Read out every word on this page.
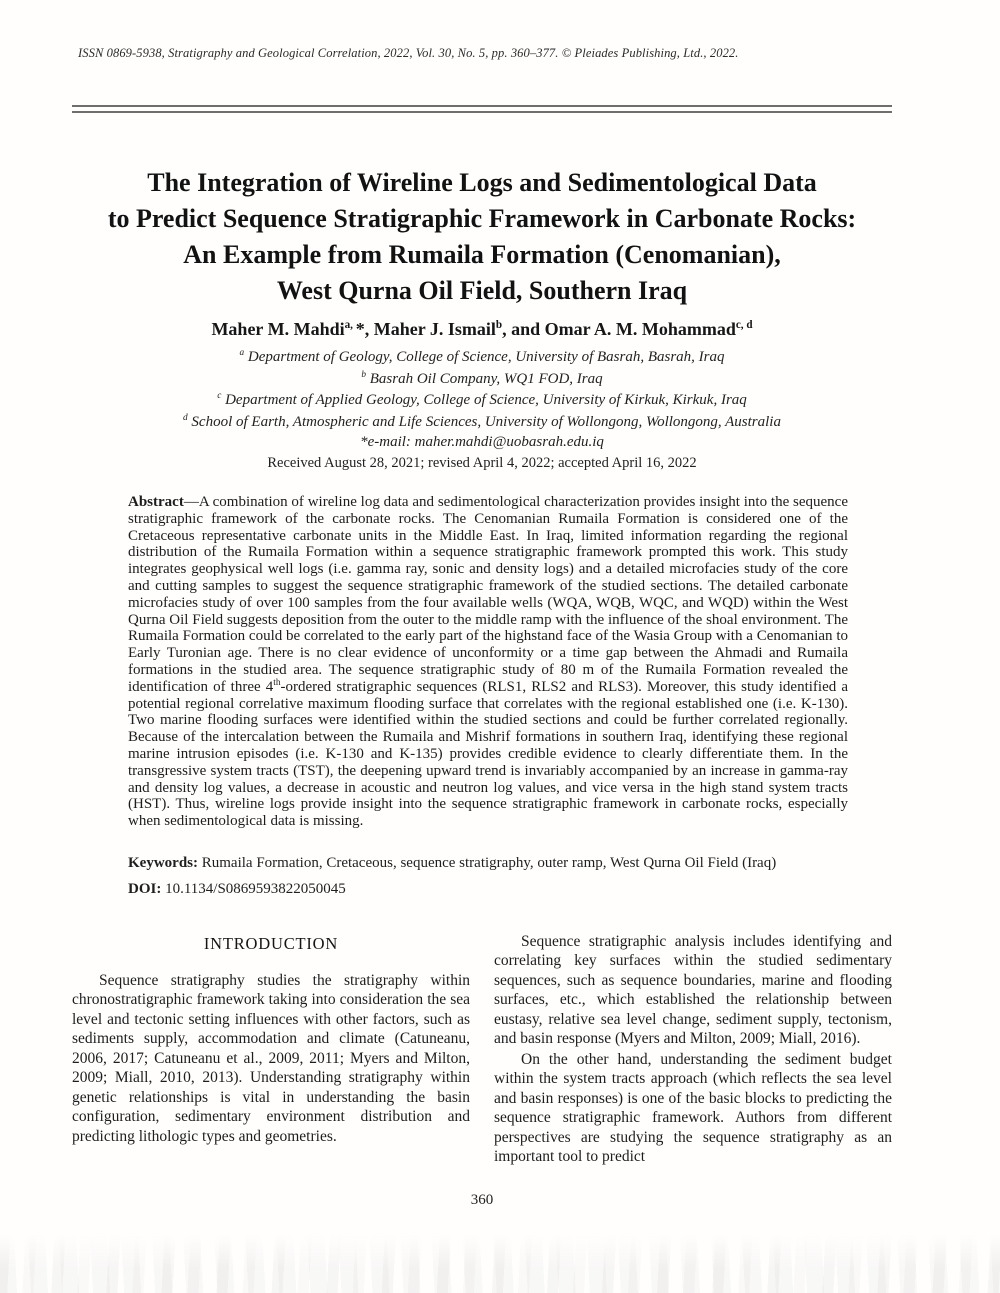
ISSN 0869-5938, Stratigraphy and Geological Correlation, 2022, Vol. 30, No. 5, pp. 360–377. © Pleiades Publishing, Ltd., 2022.
The Integration of Wireline Logs and Sedimentological Data
to Predict Sequence Stratigraphic Framework in Carbonate Rocks:
An Example from Rumaila Formation (Cenomanian),
West Qurna Oil Field, Southern Iraq

Maher M. Mahdi$^{a,}$ *, Maher J. Ismail$^b$, and Omar A. M. Mohammad$^{c, d}$

$^a$ Department of Geology, College of Science, University of Basrah, Basrah, Iraq
$^b$ Basrah Oil Company, WQ1 FOD, Iraq
$^c$ Department of Applied Geology, College of Science, University of Kirkuk, Kirkuk, Iraq
$^d$ School of Earth, Atmospheric and Life Sciences, University of Wollongong, Wollongong, Australia

*e-mail: maher.mahdi@uobasrah.edu.iq

Received August 28, 2021; revised April 4, 2022; accepted April 16, 2022

Abstract—A combination of wireline log data and sedimentological characterization provides insight into the sequence stratigraphic framework of the carbonate rocks. The Cenomanian Rumaila Formation is considered one of the Cretaceous representative carbonate units in the Middle East. In Iraq, limited information regarding the regional distribution of the Rumaila Formation within a sequence stratigraphic framework prompted this work. This study integrates geophysical well logs (i.e. gamma ray, sonic and density logs) and a detailed microfacies study of the core and cutting samples to suggest the sequence stratigraphic framework of the studied sections. The detailed carbonate microfacies study of over 100 samples from the four available wells (WQA, WQB, WQC, and WQD) within the West Qurna Oil Field suggests deposition from the outer to the middle ramp with the influence of the shoal environment. The Rumaila Formation could be correlated to the early part of the highstand face of the Wasia Group with a Cenomanian to Early Turonian age. There is no clear evidence of unconformity or a time gap between the Ahmadi and Rumaila formations in the studied area. The sequence stratigraphic study of 80 m of the Rumaila Formation revealed the identification of three 4th-ordered stratigraphic sequences (RLS1, RLS2 and RLS3). Moreover, this study identified a potential regional correlative maximum flooding surface that correlates with the regional established one (i.e. K-130). Two marine flooding surfaces were identified within the studied sections and could be further correlated regionally. Because of the intercalation between the Rumaila and Mishrif formations in southern Iraq, identifying these regional marine intrusion episodes (i.e. K-130 and K-135) provides credible evidence to clearly differentiate them. In the transgressive system tracts (TST), the deepening upward trend is invariably accompanied by an increase in gamma-ray and density log values, a decrease in acoustic and neutron log values, and vice versa in the high stand system tracts (HST). Thus, wireline logs provide insight into the sequence stratigraphic framework in carbonate rocks, especially when sedimentological data is missing.

Keywords: Rumaila Formation, Cretaceous, sequence stratigraphy, outer ramp, West Qurna Oil Field (Iraq)

DOI: 10.1134/S0869593822050045

INTRODUCTION

Sequence stratigraphy studies the stratigraphy within chronostratigraphic framework taking into consideration the sea level and tectonic setting influences with other factors, such as sediments supply, accommodation and climate (Catuneanu, 2006, 2017; Catuneanu et al., 2009, 2011; Myers and Milton, 2009; Miall, 2010, 2013). Understanding stratigraphy within genetic relationships is vital in understanding the basin configuration, sedimentary environment distribution and predicting lithologic types and geometries.

Sequence stratigraphic analysis includes identifying and correlating key surfaces within the studied sedimentary sequences, such as sequence boundaries, marine and flooding surfaces, etc., which established the relationship between eustasy, relative sea level change, sediment supply, tectonism, and basin response (Myers and Milton, 2009; Miall, 2016).

On the other hand, understanding the sediment budget within the system tracts approach (which reflects the sea level and basin responses) is one of the basic blocks to predicting the sequence stratigraphic framework. Authors from different perspectives are studying the sequence stratigraphy as an important tool to predict

360
